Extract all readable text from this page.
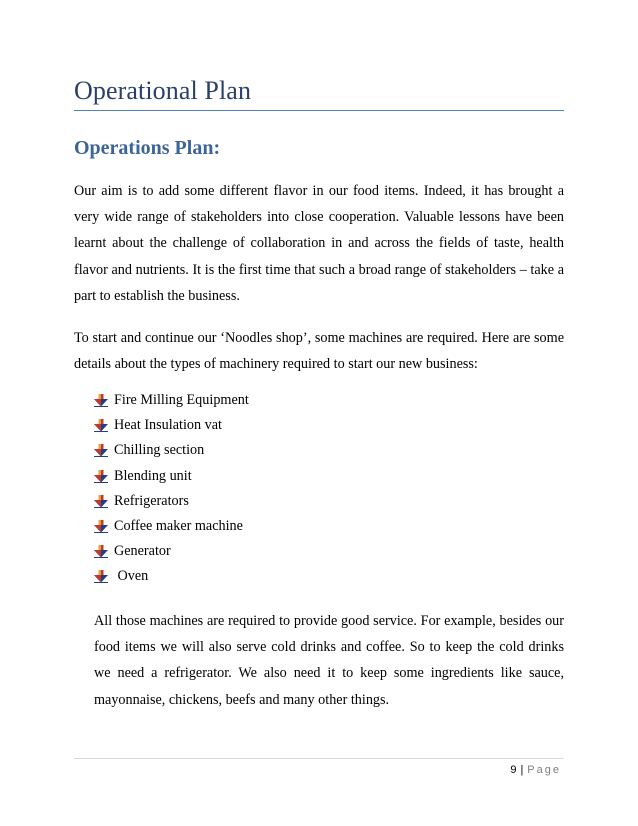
Operational Plan
Operations Plan:
Our aim is to add some different flavor in our food items. Indeed, it has brought a very wide range of stakeholders into close cooperation. Valuable lessons have been learnt about the challenge of collaboration in and across the fields of taste, health flavor and nutrients. It is the first time that such a broad range of stakeholders – take a part to establish the business.
To start and continue our ‘Noodles shop’, some machines are required. Here are some details about the types of machinery required to start our new business:
Fire Milling Equipment
Heat Insulation vat
Chilling section
Blending unit
Refrigerators
Coffee maker machine
Generator
Oven
All those machines are required to provide good service. For example, besides our food items we will also serve cold drinks and coffee. So to keep the cold drinks we need a refrigerator. We also need it to keep some ingredients like sauce, mayonnaise, chickens, beefs and many other things.
9 | Page
